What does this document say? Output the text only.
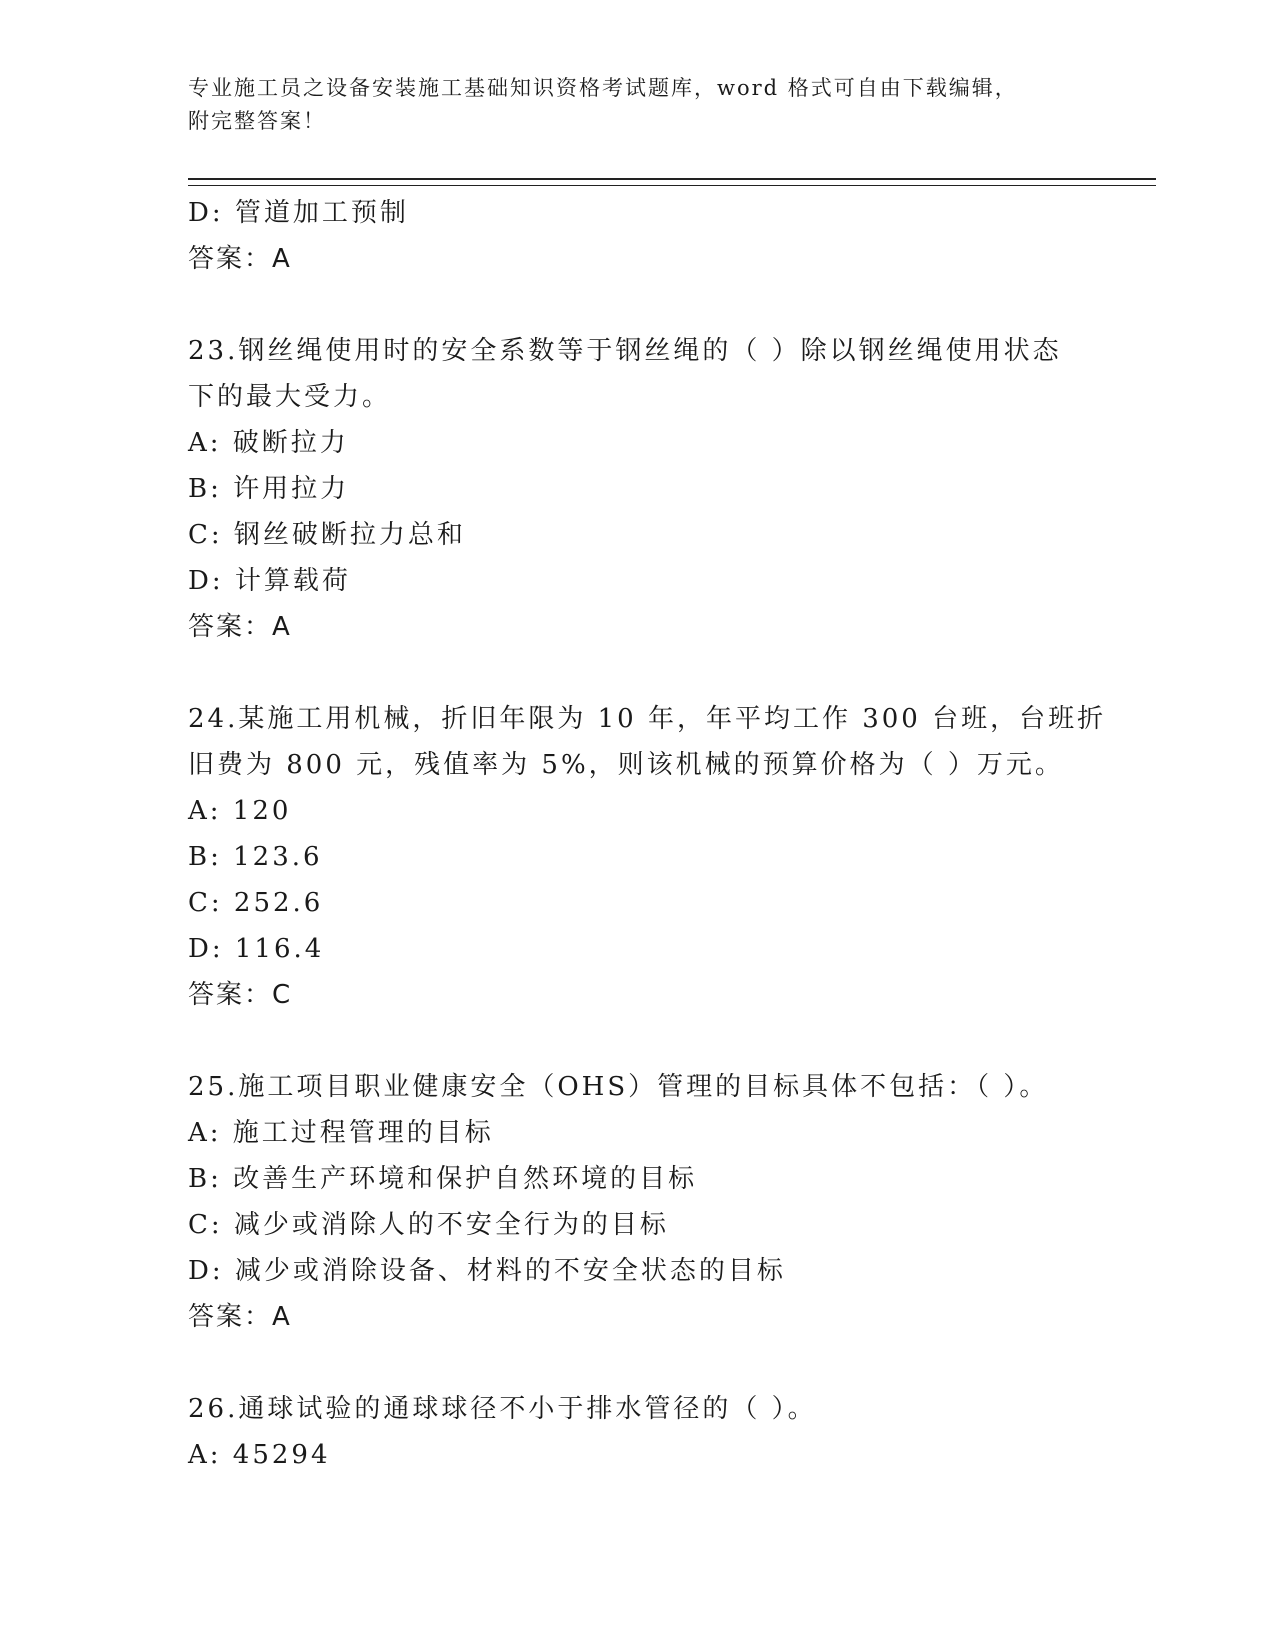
专业施工员之设备安装施工基础知识资格考试题库，word 格式可自由下载编辑，
附完整答案！
D: 管道加工预制
答案：A
23.钢丝绳使用时的安全系数等于钢丝绳的（ ）除以钢丝绳使用状态
下的最大受力。
A: 破断拉力
B: 许用拉力
C: 钢丝破断拉力总和
D: 计算载荷
答案：A
24.某施工用机械，折旧年限为 10 年，年平均工作 300 台班，台班折
旧费为 800 元，残值率为 5%，则该机械的预算价格为（ ）万元。
A: 120
B: 123.6
C: 252.6
D: 116.4
答案：C
25.施工项目职业健康安全（OHS）管理的目标具体不包括：（ ）。
A: 施工过程管理的目标
B: 改善生产环境和保护自然环境的目标
C: 减少或消除人的不安全行为的目标
D: 减少或消除设备、材料的不安全状态的目标
答案：A
26.通球试验的通球球径不小于排水管径的（ ）。
A: 45294
